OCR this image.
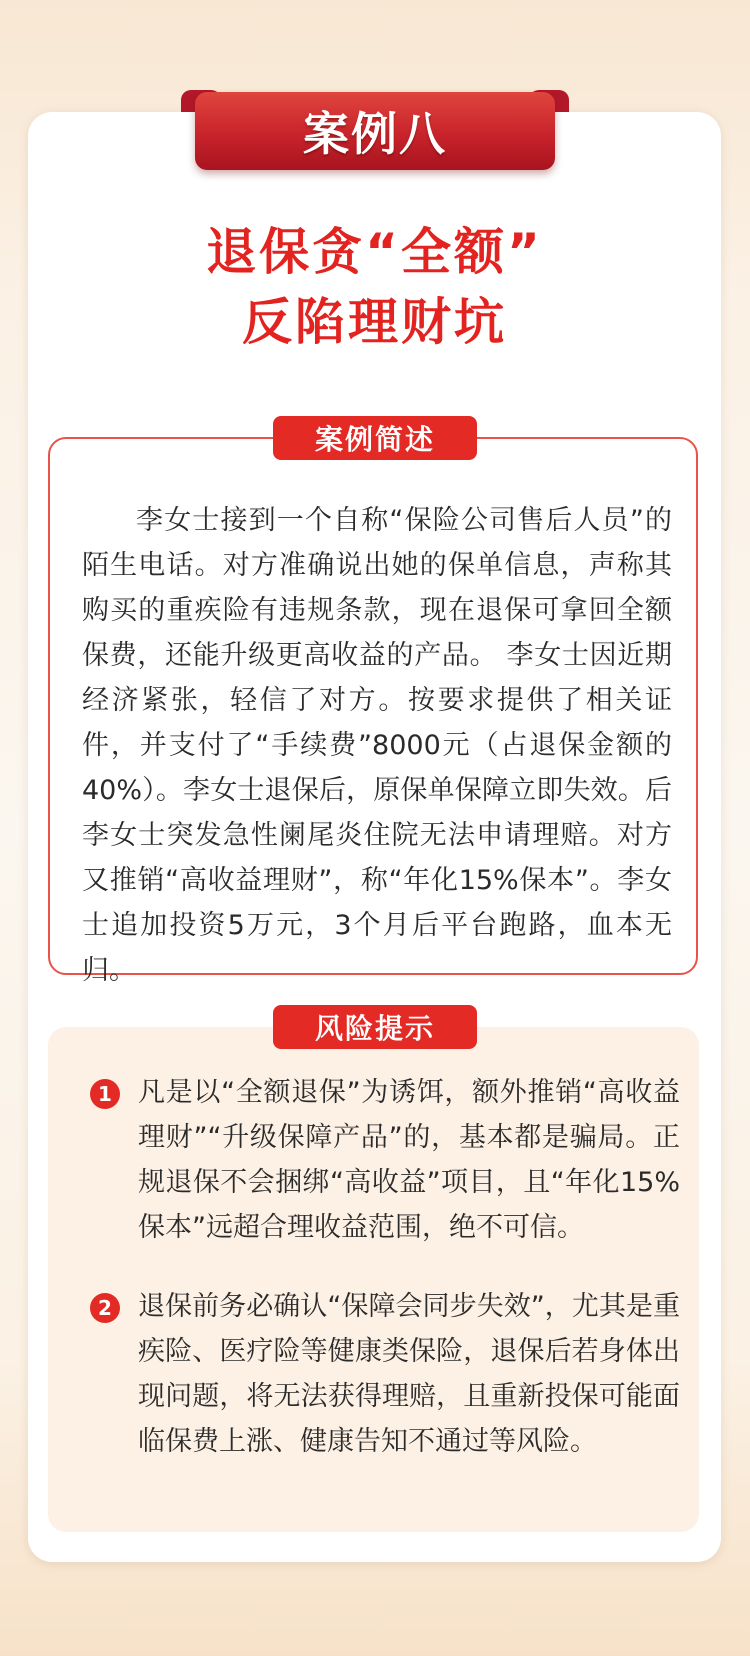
案例八
退保贪“全额”
反陷理财坑
案例简述
李女士接到一个自称“保险公司售后人员”的陌生电话。对方准确说出她的保单信息，声称其购买的重疾险有违规条款，现在退保可拿回全额保费，还能升级更高收益的产品。 李女士因近期经济紧张，轻信了对方。按要求提供了相关证件，并支付了“手续费”8000元（占退保金额的40%）。李女士退保后，原保单保障立即失效。后李女士突发急性阑尾炎住院无法申请理赔。对方又推销“高收益理财”，称“年化15%保本”。李女士追加投资5万元，3个月后平台跑路，血本无归。
风险提示
1 凡是以“全额退保”为诱饵，额外推销“高收益理财”“升级保障产品”的，基本都是骗局。正规退保不会捆绑“高收益”项目，且“年化15%保本”远超合理收益范围，绝不可信。
2 退保前务必确认“保障会同步失效”，尤其是重疾险、医疗险等健康类保险，退保后若身体出现问题，将无法获得理赔，且重新投保可能面临保费上涨、健康告知不通过等风险。
